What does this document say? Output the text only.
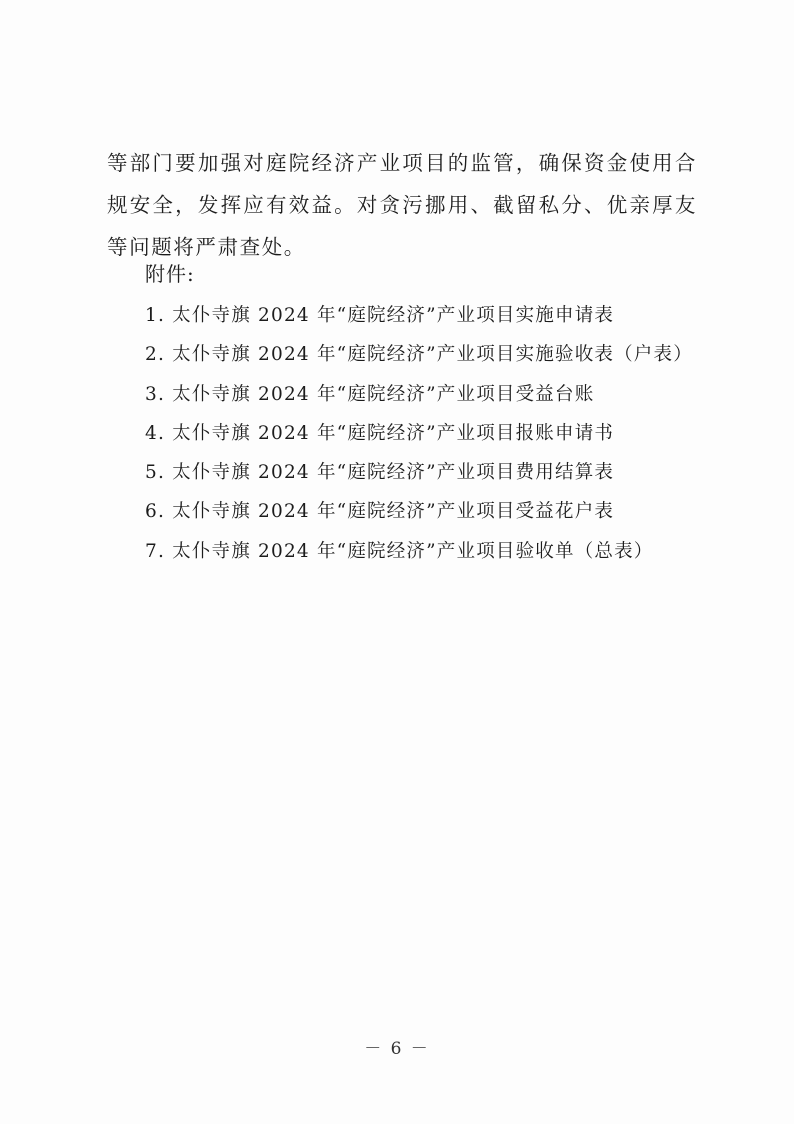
等部门要加强对庭院经济产业项目的监管，确保资金使用合规安全，发挥应有效益。对贪污挪用、截留私分、优亲厚友等问题将严肃查处。

附件:

1. 太仆寺旗 2024 年“庭院经济”产业项目实施申请表
2. 太仆寺旗 2024 年“庭院经济”产业项目实施验收表（户表）
3. 太仆寺旗 2024 年“庭院经济”产业项目受益台账
4. 太仆寺旗 2024 年“庭院经济”产业项目报账申请书
5. 太仆寺旗 2024 年“庭院经济”产业项目费用结算表
6. 太仆寺旗 2024 年“庭院经济”产业项目受益花户表
7. 太仆寺旗 2024 年“庭院经济”产业项目验收单（总表）
－ 6 －
